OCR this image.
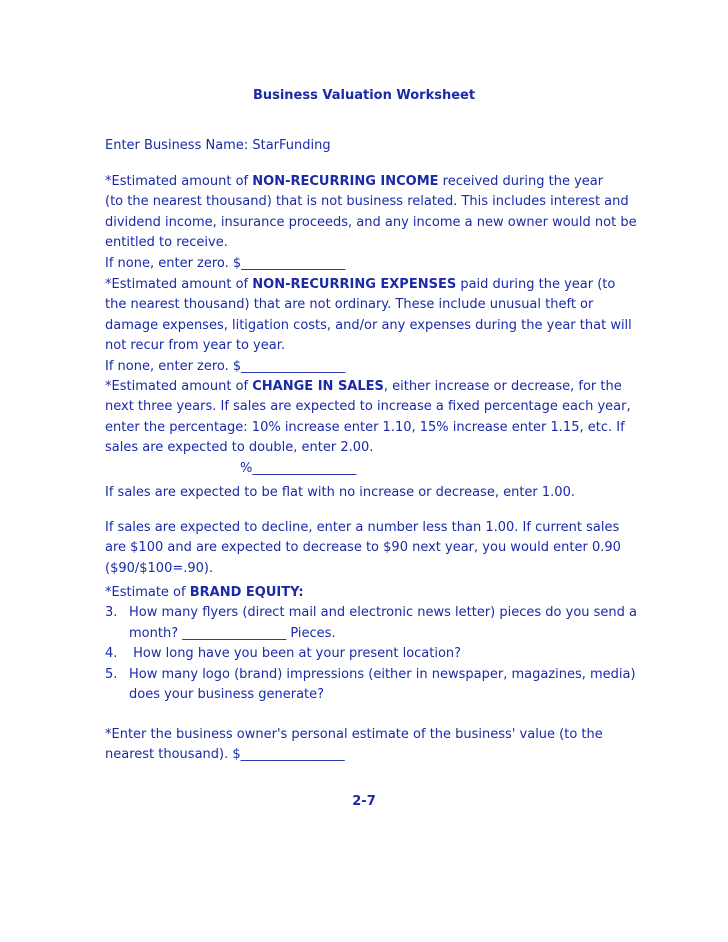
Business Valuation Worksheet
Enter Business Name: StarFunding
*Estimated amount of NON-RECURRING INCOME received during the year
(to the nearest thousand) that is not business related. This includes interest and
dividend income, insurance proceeds, and any income a new owner would not be
entitled to receive.
If none, enter zero. $________________
*Estimated amount of NON-RECURRING EXPENSES paid during the year (to
the nearest thousand) that are not ordinary. These include unusual theft or
damage expenses, litigation costs, and/or any expenses during the year that will
not recur from year to year.
If none, enter zero. $________________
*Estimated amount of CHANGE IN SALES, either increase or decrease, for the
next three years. If sales are expected to increase a fixed percentage each year,
enter the percentage: 10% increase enter 1.10, 15% increase enter 1.15, etc. If
sales are expected to double, enter 2.00.
%________________
If sales are expected to be flat with no increase or decrease, enter 1.00.
If sales are expected to decline, enter a number less than 1.00. If current sales
are $100 and are expected to decrease to $90 next year, you would enter 0.90
($90/$100=.90).
*Estimate of BRAND EQUITY:
3. How many flyers (direct mail and electronic news letter) pieces do you send a
month? ________________ Pieces.
4. How long have you been at your present location?
5. How many logo (brand) impressions (either in newspaper, magazines, media)
does your business generate?
*Enter the business owner's personal estimate of the business' value (to the
nearest thousand). $________________
2-7
